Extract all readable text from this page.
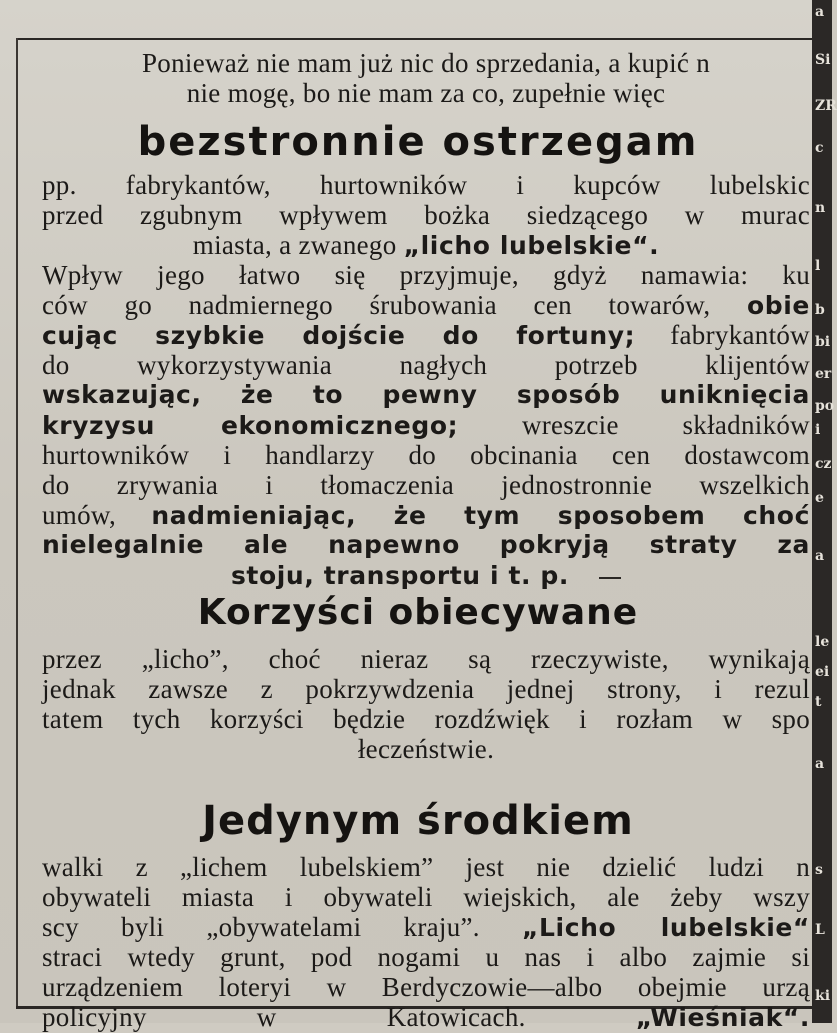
a
Si
ZR
c
n
l
b
bi
er
po
i
cz
e
a
le
ei
t
a
s
L
ki
Ponieważ nie mam już nic do sprzedania, a kupić n
nie mogę, bo nie mam za co, zupełnie więc
bezstronnie ostrzegam
pp. fabrykantów, hurtowników i kupców lubelskic
przed zgubnym wpływem bożka siedzącego w murac
miasta, a zwanego „licho lubelskie“.
Wpływ jego łatwo się przyjmuje, gdyż namawia: ku
ców go nadmiernego śrubowania cen towarów, obie
cując szybkie dojście do fortuny; fabrykantów
do wykorzystywania nagłych potrzeb klijentów
wskazując, że to pewny sposób uniknięcia
kryzysu ekonomicznego; wreszcie składników
hurtowników i handlarzy do obcinania cen dostawcom
do zrywania i tłomaczenia jednostronnie wszelkich
umów, nadmieniając, że tym sposobem choć
nielegalnie ale napewno pokryją straty za
stoju, transportu i t. p.
Korzyści obiecywane
przez „licho”, choć nieraz są rzeczywiste, wynikają
jednak zawsze z pokrzywdzenia jednej strony, i rezul
tatem tych korzyści będzie rozdźwięk i rozłam w spo
łeczeństwie.
Jedynym środkiem
walki z „lichem lubelskiem” jest nie dzielić ludzi n
obywateli miasta i obywateli wiejskich, ale żeby wszy
scy byli „obywatelami kraju”. „Licho lubelskie“
straci wtedy grunt, pod nogami u nas i albo zajmie si
urządzeniem loteryi w Berdyczowie—albo obejmie urzą
policyjny w Katowicach.	„Wieśniak“.
